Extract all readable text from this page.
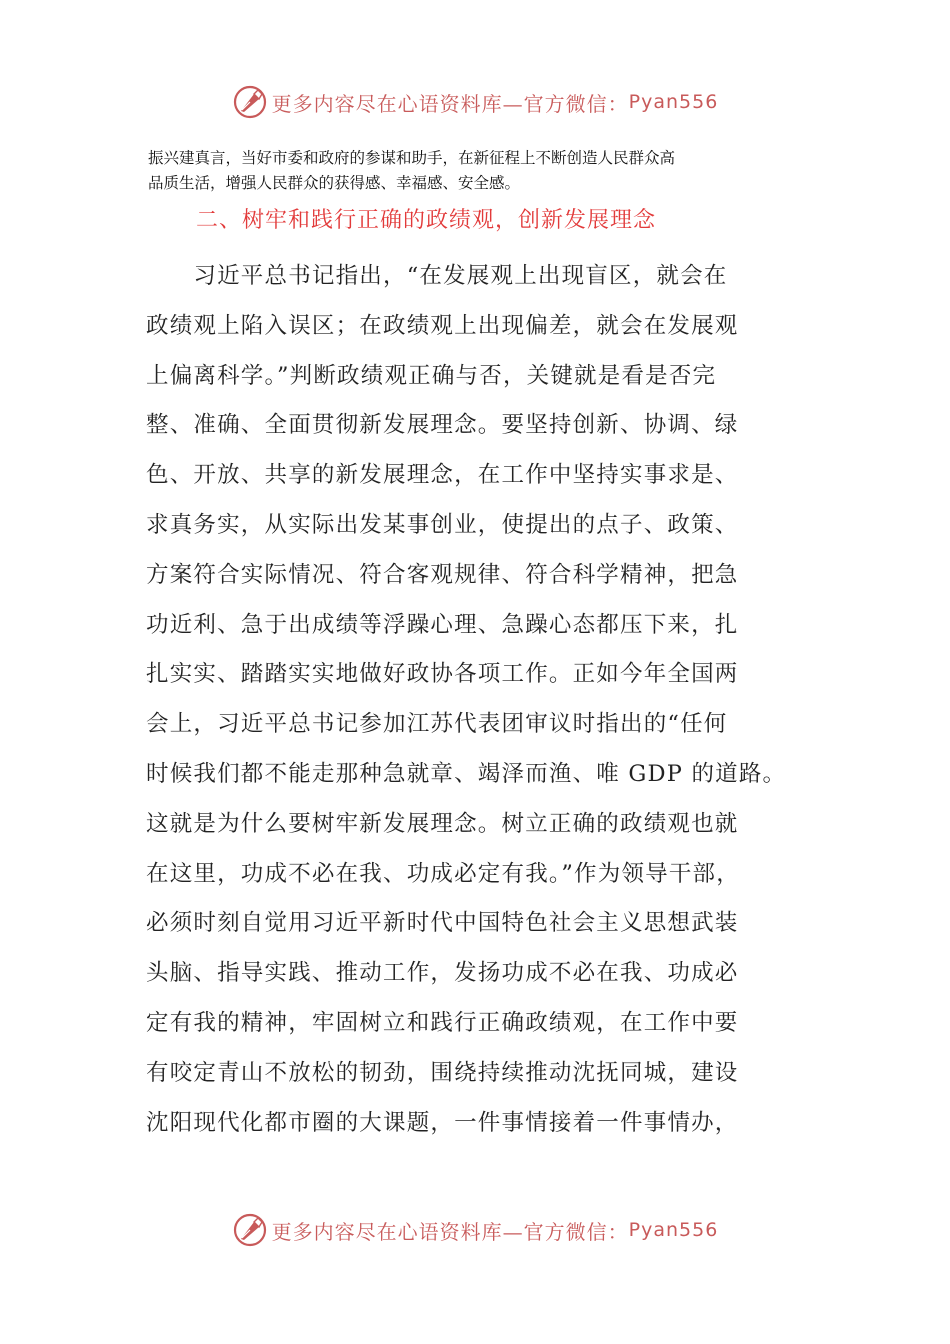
更多内容尽在心语资料库—官方微信： Pyan556
振兴建真言，当好市委和政府的参谋和助手，在新征程上不断创造人民群众高
品质生活，增强人民群众的获得感、幸福感、安全感。
二、树牢和践行正确的政绩观，创新发展理念
　　习近平总书记指出，“在发展观上出现盲区，就会在
政绩观上陷入误区；在政绩观上出现偏差，就会在发展观
上偏离科学。”判断政绩观正确与否，关键就是看是否完
整、准确、全面贯彻新发展理念。要坚持创新、协调、绿
色、开放、共享的新发展理念，在工作中坚持实事求是、
求真务实，从实际出发某事创业，使提出的点子、政策、
方案符合实际情况、符合客观规律、符合科学精神，把急
功近利、急于出成绩等浮躁心理、急躁心态都压下来，扎
扎实实、踏踏实实地做好政协各项工作。正如今年全国两
会上，习近平总书记参加江苏代表团审议时指出的“任何
时候我们都不能走那种急就章、竭泽而渔、唯 GDP 的道路。
这就是为什么要树牢新发展理念。树立正确的政绩观也就
在这里，功成不必在我、功成必定有我。”作为领导干部，
必须时刻自觉用习近平新时代中国特色社会主义思想武装
头脑、指导实践、推动工作，发扬功成不必在我、功成必
定有我的精神，牢固树立和践行正确政绩观，在工作中要
有咬定青山不放松的韧劲，围绕持续推动沈抚同城，建设
沈阳现代化都市圈的大课题，一件事情接着一件事情办，
更多内容尽在心语资料库—官方微信： Pyan556
